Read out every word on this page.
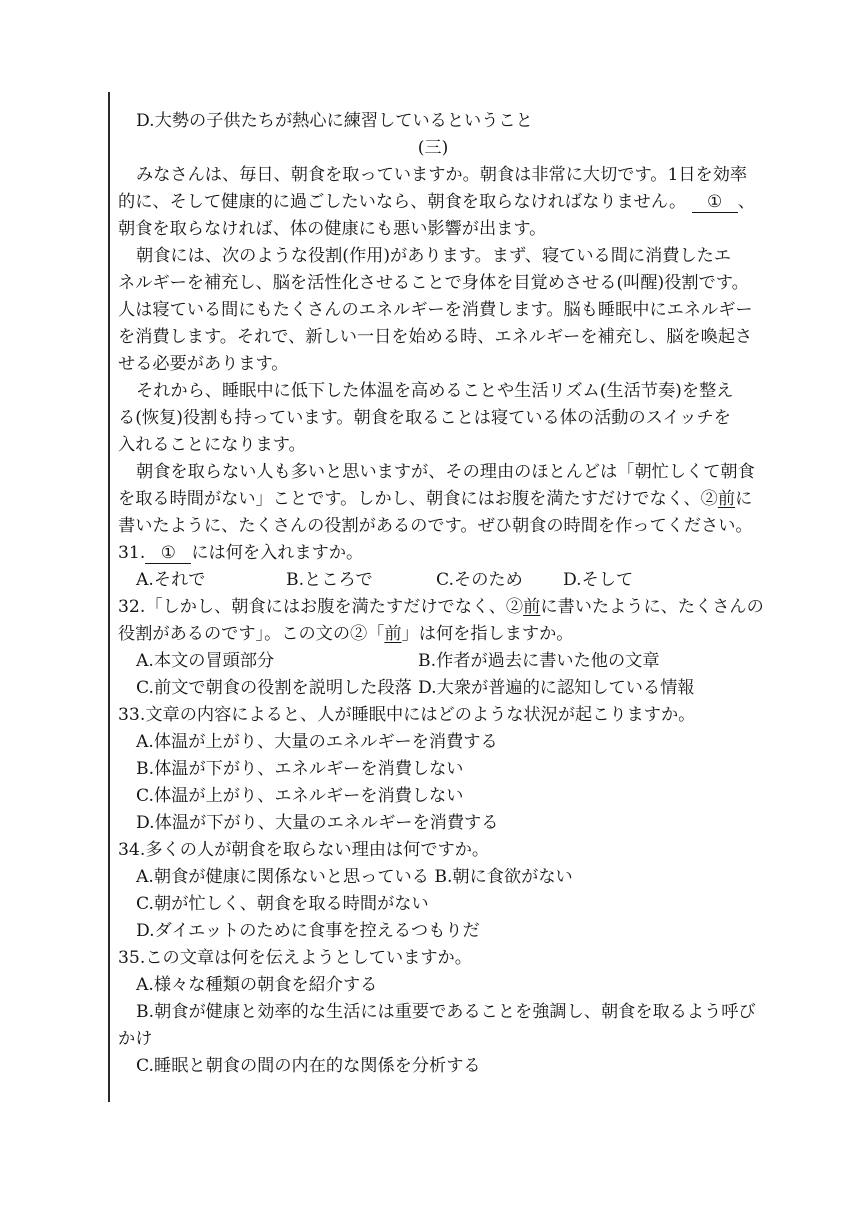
D.大勢の子供たちが熱心に練習しているということ
(三)
みなさんは、毎日、朝食を取っていますか。朝食は非常に大切です。1日を効率
的に、そして健康的に過ごしたいなら、朝食を取らなければなりません。 ① 、
朝食を取らなければ、体の健康にも悪い影響が出ます。
朝食には、次のような役割(作用)があります。まず、寝ている間に消費したエ
ネルギーを補充し、脳を活性化させることで身体を目覚めさせる(叫醒)役割です。
人は寝ている間にもたくさんのエネルギーを消費します。脳も睡眠中にエネルギー
を消費します。それで、新しい一日を始める時、エネルギーを補充し、脳を喚起さ
せる必要があります。
それから、睡眠中に低下した体温を高めることや生活リズム(生活节奏)を整え
る(恢复)役割も持っています。朝食を取ることは寝ている体の活動のスイッチを
入れることになります。
朝食を取らない人も多いと思いますが、その理由のほとんどは「朝忙しくて朝食
を取る時間がない」ことです。しかし、朝食にはお腹を満たすだけでなく、②前に
書いたように、たくさんの役割があるのです。ぜひ朝食の時間を作ってください。
31. ① には何を入れますか。
A.それで	B.ところで	C.そのため	D.そして
32.「しかし、朝食にはお腹を満たすだけでなく、②前に書いたように、たくさんの
役割があるのです」。この文の②「前」は何を指しますか。
A.本文の冒頭部分	B.作者が過去に書いた他の文章
C.前文で朝食の役割を説明した段落 D.大衆が普遍的に認知している情報
33.文章の内容によると、人が睡眠中にはどのような状況が起こりますか。
A.体温が上がり、大量のエネルギーを消費する
B.体温が下がり、エネルギーを消費しない
C.体温が上がり、エネルギーを消費しない
D.体温が下がり、大量のエネルギーを消費する
34.多くの人が朝食を取らない理由は何ですか。
A.朝食が健康に関係ないと思っている B.朝に食欲がない
C.朝が忙しく、朝食を取る時間がない
D.ダイエットのために食事を控えるつもりだ
35.この文章は何を伝えようとしていますか。
A.様々な種類の朝食を紹介する
B.朝食が健康と効率的な生活には重要であることを強調し、朝食を取るよう呼び
かけ
C.睡眠と朝食の間の内在的な関係を分析する
